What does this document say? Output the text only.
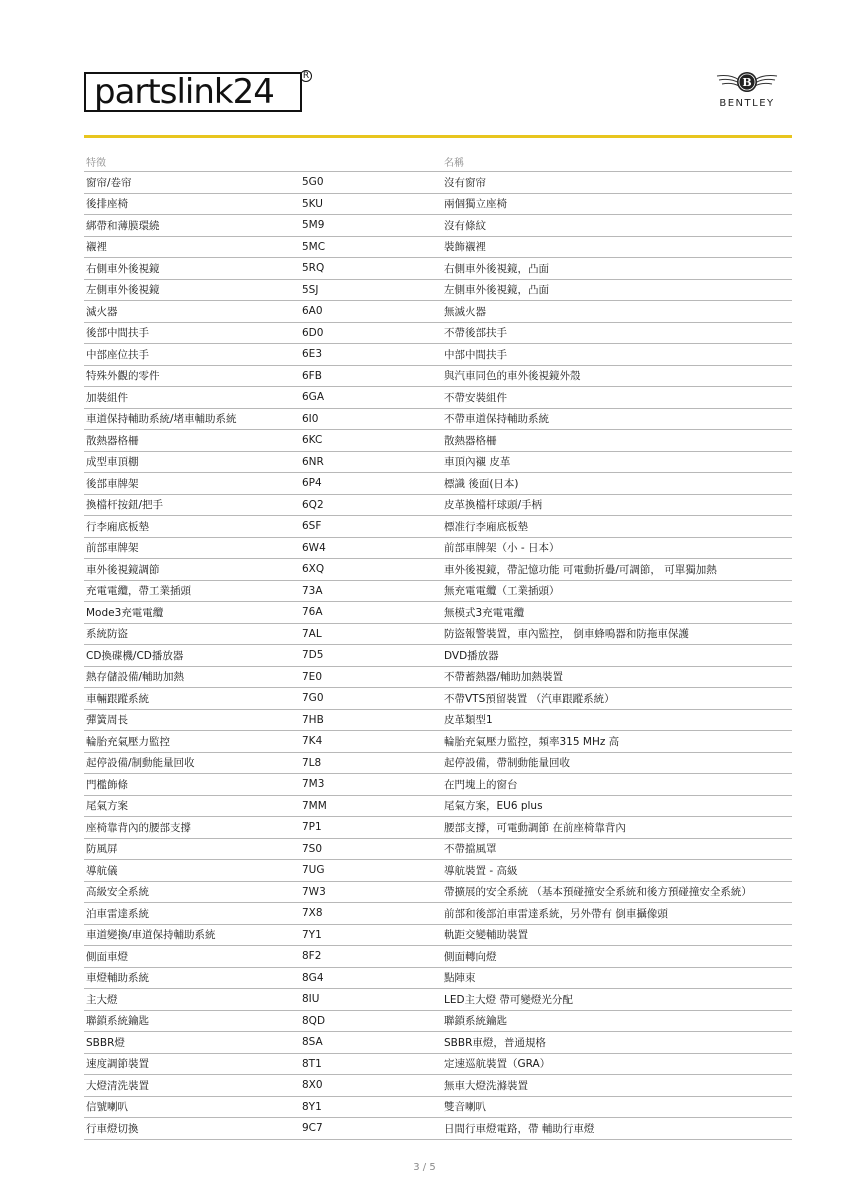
partslink24	R	B
BENTLEY
特徵	名稱
窗帘/卷帘	5G0	沒有窗帘
後排座椅	5KU	兩個獨立座椅
綁帶和薄膜環繞	5M9	沒有條紋
襯裡	5MC	裝飾襯裡
右側車外後視鏡	5RQ	右側車外後視鏡，凸面
左側車外後視鏡	5SJ	左側車外後視鏡，凸面
滅火器	6A0	無滅火器
後部中間扶手	6D0	不帶後部扶手
中部座位扶手	6E3	中部中間扶手
特殊外觀的零件	6FB	與汽車同色的車外後視鏡外殼
加裝組件	6GA	不帶安裝組件
車道保持輔助系統/堵車輔助系統	6I0	不帶車道保持輔助系統
散熱器格柵	6KC	散熱器格柵
成型車頂棚	6NR	車頂內襯 皮革
後部車牌架	6P4	標識 後面(日本)
換檔杆按鈕/把手	6Q2	皮革換檔杆球頭/手柄
行李廂底板墊	6SF	標准行李廂底板墊
前部車牌架	6W4	前部車牌架（小 - 日本）
車外後視鏡調節	6XQ	車外後視鏡，帶記憶功能 可電動折疊/可調節， 可單獨加熱
充電電纜，帶工業插頭	73A	無充電電纜（工業插頭）
Mode3充電電纜	76A	無模式3充電電纜
系統防盜	7AL	防盜報警裝置，車內監控， 倒車蜂鳴器和防拖車保護
CD換碟機/CD播放器	7D5	DVD播放器
熱存儲設備/輔助加熱	7E0	不帶蓄熱器/輔助加熱裝置
車輛跟蹤系統	7G0	不帶VTS預留裝置 （汽車跟蹤系統）
彈簧周長	7HB	皮革類型1
輪胎充氣壓力監控	7K4	輪胎充氣壓力監控，頻率315 MHz 高
起停設備/制動能量回收	7L8	起停設備，帶制動能量回收
門檻飾條	7M3	在門塊上的窗台
尾氣方案	7MM	尾氣方案，EU6 plus
座椅靠背內的腰部支撐	7P1	腰部支撐，可電動調節 在前座椅靠背內
防風屏	7S0	不帶擋風罩
導航儀	7UG	導航裝置 - 高級
高級安全系統	7W3	帶擴展的安全系統 （基本預碰撞安全系統和後方預碰撞安全系統）
泊車雷達系統	7X8	前部和後部泊車雷達系統，另外帶有 倒車攝像頭
車道變換/車道保持輔助系統	7Y1	軌距交變輔助裝置
側面車燈	8F2	側面轉向燈
車燈輔助系統	8G4	點陣束
主大燈	8IU	LED主大燈 帶可變燈光分配
聯鎖系統鑰匙	8QD	聯鎖系統鑰匙
SBBR燈	8SA	SBBR車燈，普通規格
速度調節裝置	8T1	定速巡航裝置（GRA）
大燈清洗裝置	8X0	無車大燈洗滌裝置
信號喇叭	8Y1	雙音喇叭
行車燈切換	9C7	日間行車燈電路，帶 輔助行車燈
3 / 5
